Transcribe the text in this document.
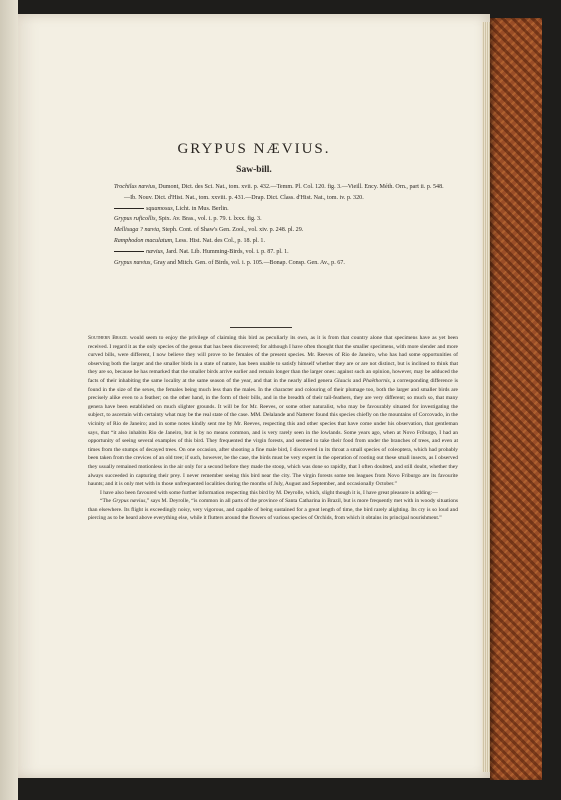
GRYPUS NÆVIUS.
Saw-bill.

Trochilus nævius, Dumont, Dict. des Sci. Nat., tom. xvii. p. 432.—Temm. Pl. Col. 120. fig. 3.—Vieill. Ency. Méth. Orn., part ii. p. 548.—Ib. Nouv. Dict. d'Hist. Nat., tom. xxviii. p. 431.—Drap. Dict. Class. d'Hist. Nat., tom. iv. p. 320.

squamosus, Licht. in Mus. Berlin.

Grypus ruficollis, Spix. Av. Bras., vol. i. p. 79. t. lxxx. fig. 3.

Mellisuga ? nævia, Steph. Cont. of Shaw's Gen. Zool., vol. xiv. p. 248. pl. 29.

Ramphodon maculatum, Less. Hist. Nat. des Col., p. 18. pl. 1.

nævius, Jard. Nat. Lib. Humming-Birds, vol. i. p. 87. pl. 1.

Grypus nævius, Gray and Mitch. Gen. of Birds, vol. i. p. 105.—Bonap. Consp. Gen. Av., p. 67.

Southern Brazil would seem to enjoy the privilege of claiming this bird as peculiarly its own, as it is from that country alone that specimens have as yet been received. I regard it as the only species of the genus that has been discovered; for although I have often thought that the smaller specimens, with more slender and more curved bills, were different, I now believe they will prove to be females of the present species. Mr. Reeves of Rio de Janeiro, who has had some opportunities of observing both the larger and the smaller birds in a state of nature, has been unable to satisfy himself whether they are or are not distinct, but is inclined to think that they are so, because he has remarked that the smaller birds arrive earlier and remain longer than the larger ones: against such an opinion, however, may be adduced the facts of their inhabiting the same locality at the same season of the year, and that in the nearly allied genera Glaucis and Phaëthornis, a corresponding difference is found in the size of the sexes, the females being much less than the males. In the character and colouring of their plumage too, both the larger and smaller birds are precisely alike even to a feather; on the other hand, in the form of their bills, and in the breadth of their tail-feathers, they are very different; so much so, that many genera have been established on much slighter grounds. It will be for Mr. Reeves, or some other naturalist, who may be favourably situated for investigating the subject, to ascertain with certainty what may be the real state of the case. MM. Delalande and Natterer found this species chiefly on the mountains of Corcovado, in the vicinity of Rio de Janeiro; and in some notes kindly sent me by Mr. Reeves, respecting this and other species that have come under his observation, that gentleman says, that “it also inhabits Rio de Janeiro, but is by no means common, and is very rarely seen in the lowlands. Some years ago, when at Novo Friburgo, I had an opportunity of seeing several examples of this bird. They frequented the virgin forests, and seemed to take their food from under the branches of trees, and even at times from the stumps of decayed trees. On one occasion, after shooting a fine male bird, I discovered in its throat a small species of coleoptera, which had probably been taken from the crevices of an old tree; if such, however, be the case, the birds must be very expert in the operation of rooting out these small insects, as I observed they usually remained motionless in the air only for a second before they made the stoop, which was done so rapidly, that I often doubted, and still doubt, whether they always succeeded in capturing their prey. I never remember seeing this bird near the city. The virgin forests some ten leagues from Novo Friburgo are its favourite haunts; and it is only met with in those unfrequented localities during the months of July, August and September, and occasionally October.”

I have also been favoured with some further information respecting this bird by M. Deyrolle, which, slight though it is, I have great pleasure in adding:—

“The Grypus nævius,” says M. Deyrolle, “is common in all parts of the province of Santa Catharina in Brazil, but is more frequently met with in woody situations than elsewhere. Its flight is exceedingly noisy, very vigorous, and capable of being sustained for a great length of time, the bird rarely alighting. Its cry is so loud and piercing as to be heard above everything else, while it flutters around the flowers of various species of Orchids, from which it obtains its principal nourishment.”
